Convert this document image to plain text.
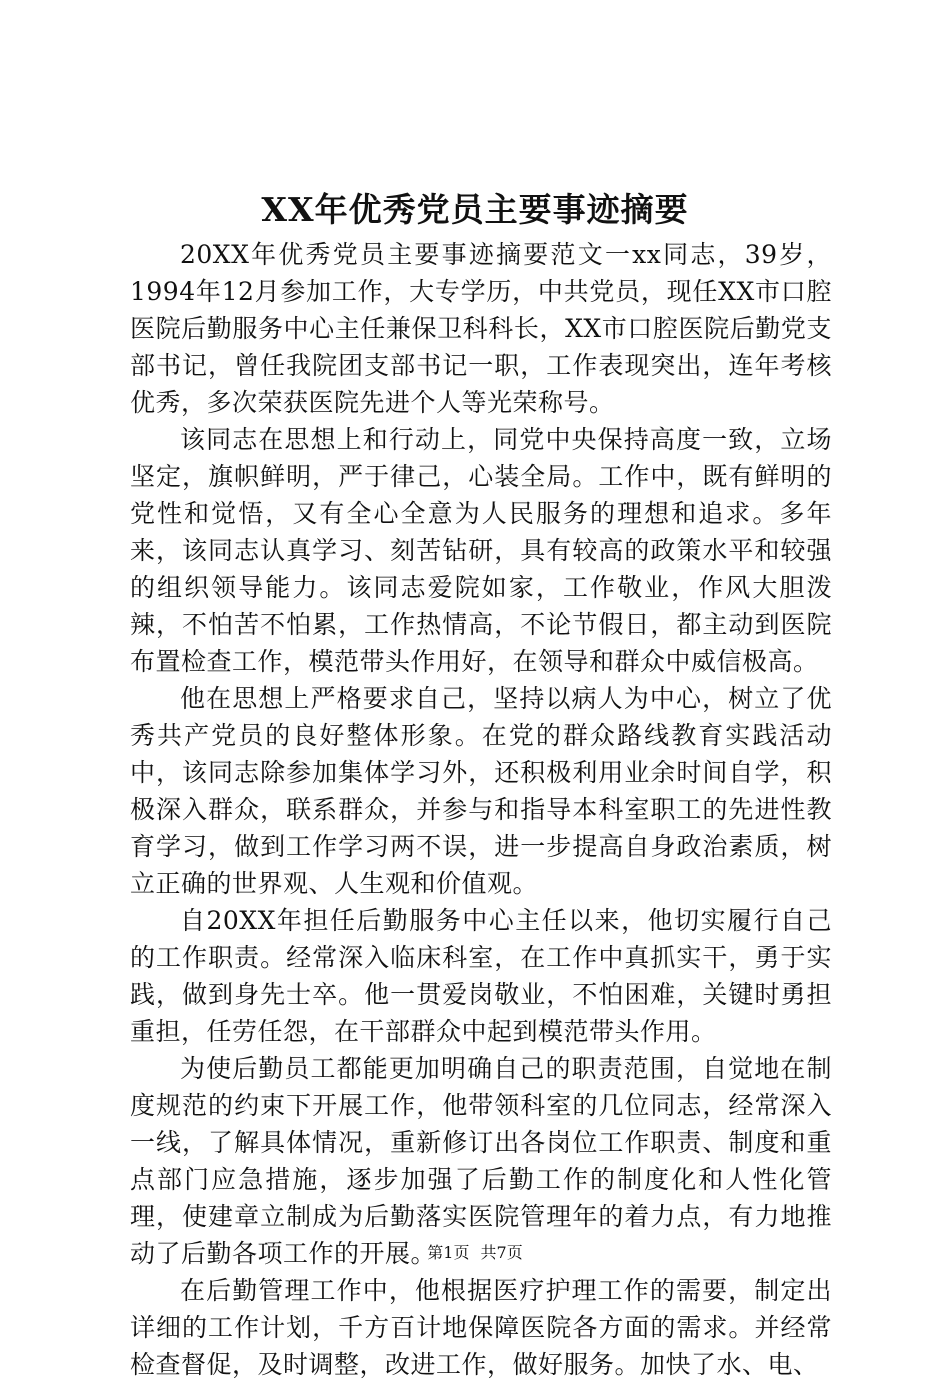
XX年优秀党员主要事迹摘要

20XX年优秀党员主要事迹摘要范文一xx同志，39岁，1994年12月参加工作，大专学历，中共党员，现任XX市口腔医院后勤服务中心主任兼保卫科科长，XX市口腔医院后勤党支部书记，曾任我院团支部书记一职，工作表现突出，连年考核优秀，多次荣获医院先进个人等光荣称号。

该同志在思想上和行动上，同党中央保持高度一致，立场坚定，旗帜鲜明，严于律己，心装全局。工作中，既有鲜明的党性和觉悟，又有全心全意为人民服务的理想和追求。多年来，该同志认真学习、刻苦钻研，具有较高的政策水平和较强的组织领导能力。该同志爱院如家，工作敬业，作风大胆泼辣，不怕苦不怕累，工作热情高，不论节假日，都主动到医院布置检查工作，模范带头作用好，在领导和群众中威信极高。

他在思想上严格要求自己，坚持以病人为中心，树立了优秀共产党员的良好整体形象。在党的群众路线教育实践活动中，该同志除参加集体学习外，还积极利用业余时间自学，积极深入群众，联系群众，并参与和指导本科室职工的先进性教育学习，做到工作学习两不误，进一步提高自身政治素质，树立正确的世界观、人生观和价值观。

自20XX年担任后勤服务中心主任以来，他切实履行自己的工作职责。经常深入临床科室，在工作中真抓实干，勇于实践，做到身先士卒。他一贯爱岗敬业，不怕困难，关键时勇担重担，任劳任怨，在干部群众中起到模范带头作用。

为使后勤员工都能更加明确自己的职责范围，自觉地在制度规范的约束下开展工作，他带领科室的几位同志，经常深入一线，了解具体情况，重新修订出各岗位工作职责、制度和重点部门应急措施，逐步加强了后勤工作的制度化和人性化管理，使建章立制成为后勤落实医院管理年的着力点，有力地推动了后勤各项工作的开展。

在后勤管理工作中，他根据医疗护理工作的需要，制定出详细的工作计划，千方百计地保障医院各方面的需求。并经常检查督促，及时调整，改进工作，做好服务。加快了水、电、

第1页 共7页
